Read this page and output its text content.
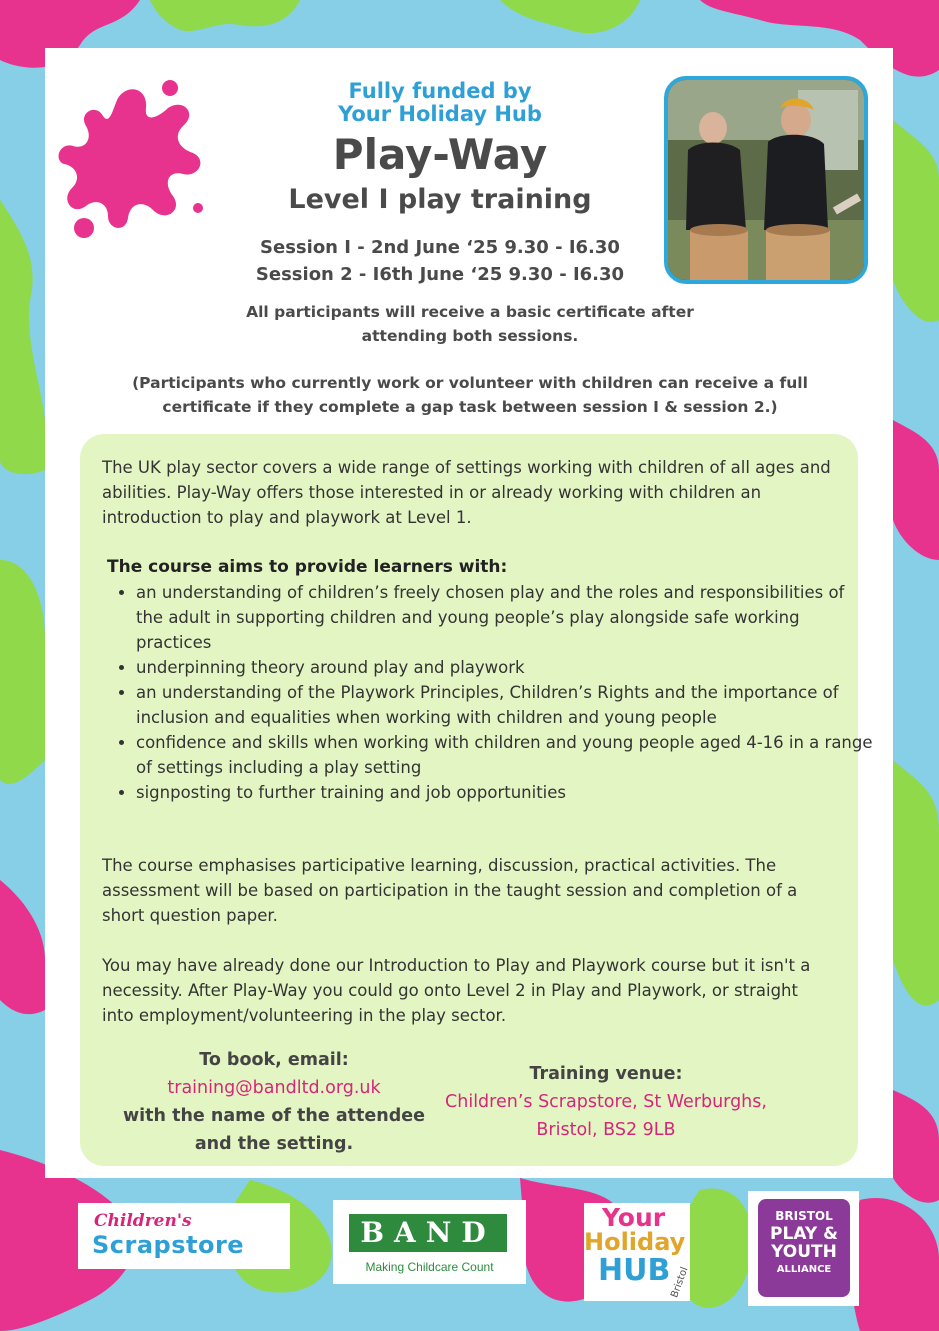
Fully funded by
Your Holiday Hub
Play-Way
Level I play training
Session I - 2nd June ‘25 9.30 - I6.30
Session 2 - I6th June ‘25 9.30 - I6.30
All participants will receive a basic certificate after
attending both sessions.
(Participants who currently work or volunteer with children can receive a full
certificate if they complete a gap task between session I & session 2.)

The UK play sector covers a wide range of settings working with children of all ages and abilities. Play-Way offers those interested in or already working with children an introduction to play and playwork at Level 1.

The course aims to provide learners with:

• an understanding of children’s freely chosen play and the roles and responsibilities of the adult in supporting children and young people’s play alongside safe working practices
• underpinning theory around play and playwork
• an understanding of the Playwork Principles, Children’s Rights and the importance of inclusion and equalities when working with children and young people
• confidence and skills when working with children and young people aged 4-16 in a range of settings including a play setting
• signposting to further training and job opportunities

The course emphasises participative learning, discussion, practical activities. The assessment will be based on participation in the taught session and completion of a short question paper.

You may have already done our Introduction to Play and Playwork course but it isn't a necessity. After Play-Way you could go onto Level 2 in Play and Playwork, or straight into employment/volunteering in the play sector.

To book, email:
training@bandltd.org.uk
with the name of the attendee
and the setting.
Training venue:
Children’s Scrapstore, St Werburghs,
Bristol, BS2 9LB
Children's
Scrapstore	BAND
Making Childcare Count
Your
Holiday
HUB
Bristol
BRISTOL
PLAY &
YOUTH
ALLIANCE
